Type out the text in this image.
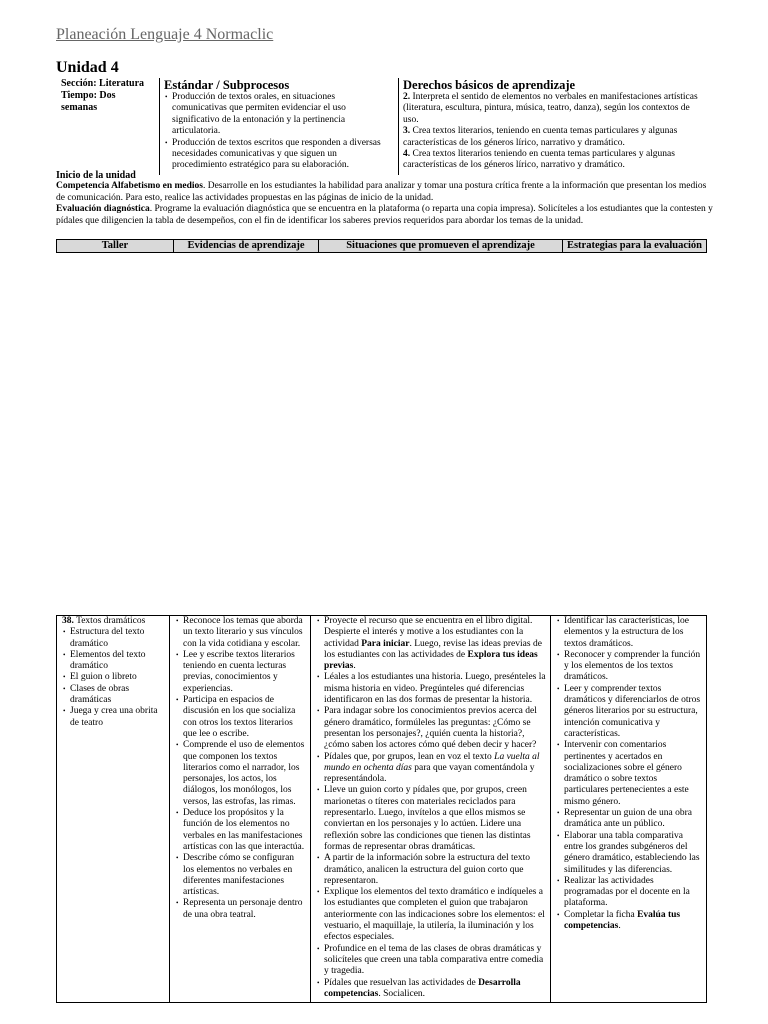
Planeación Lenguaje 4 Normaclic
Unidad 4
Sección: Literatura
Tiempo: Dos
semanas
Estándar / Subprocesos
• Producción de textos orales, en situaciones comunicativas que permiten evidenciar el uso significativo de la entonación y la pertinencia articulatoria.
• Producción de textos escritos que responden a diversas necesidades comunicativas y que siguen un procedimiento estratégico para su elaboración.
Derechos básicos de aprendizaje
2. Interpreta el sentido de elementos no verbales en manifestaciones artísticas (literatura, escultura, pintura, música, teatro, danza), según los contextos de uso.
3. Crea textos literarios, teniendo en cuenta temas particulares y algunas características de los géneros lírico, narrativo y dramático.
4. Crea textos literarios teniendo en cuenta temas particulares y algunas características de los géneros lírico, narrativo y dramático.
Inicio de la unidad
Competencia Alfabetismo en medios. Desarrolle en los estudiantes la habilidad para analizar y tomar una postura crítica frente a la información que presentan los medios de comunicación. Para esto, realice las actividades propuestas en las páginas de inicio de la unidad.
Evaluación diagnóstica. Programe la evaluación diagnóstica que se encuentra en la plataforma (o reparta una copia impresa). Solicíteles a los estudiantes que la contesten y pídales que diligencien la tabla de desempeños, con el fin de identificar los saberes previos requeridos para abordar los temas de la unidad.
Taller	Evidencias de aprendizaje	Situaciones que promueven el aprendizaje	Estrategias para la evaluación
38. Textos dramáticos
• Estructura del texto dramático
• Elementos del texto dramático
• El guion o libreto
• Clases de obras dramáticas
• Juega y crea una obrita de teatro

• Reconoce los temas que aborda un texto literario y sus vínculos con la vida cotidiana y escolar.
• Lee y escribe textos literarios teniendo en cuenta lecturas previas, conocimientos y experiencias.
• Participa en espacios de discusión en los que socializa con otros los textos literarios que lee o escribe.
• Comprende el uso de elementos que componen los textos literarios como el narrador, los personajes, los actos, los diálogos, los monólogos, los versos, las estrofas, las rimas.
• Deduce los propósitos y la función de los elementos no verbales en las manifestaciones artísticas con las que interactúa.
• Describe cómo se configuran los elementos no verbales en diferentes manifestaciones artísticas.
• Representa un personaje dentro de una obra teatral.

• Proyecte el recurso que se encuentra en el libro digital. Despierte el interés y motive a los estudiantes con la actividad Para iniciar. Luego, revise las ideas previas de los estudiantes con las actividades de Explora tus ideas previas.
• Léales a los estudiantes una historia. Luego, presénteles la misma historia en video. Pregúnteles qué diferencias identificaron en las dos formas de presentar la historia.
• Para indagar sobre los conocimientos previos acerca del género dramático, formúleles las preguntas: ¿Cómo se presentan los personajes?, ¿quién cuenta la historia?, ¿cómo saben los actores cómo qué deben decir y hacer?
• Pídales que, por grupos, lean en voz el texto La vuelta al mundo en ochenta días para que vayan comentándola y representándola.
• Lleve un guion corto y pídales que, por grupos, creen marionetas o títeres con materiales reciclados para representarlo. Luego, invítelos a que ellos mismos se conviertan en los personajes y lo actúen. Lidere una reflexión sobre las condiciones que tienen las distintas formas de representar obras dramáticas.
• A partir de la información sobre la estructura del texto dramático, analicen la estructura del guion corto que representaron.
• Explique los elementos del texto dramático e indíqueles a los estudiantes que completen el guion que trabajaron anteriormente con las indicaciones sobre los elementos: el vestuario, el maquillaje, la utilería, la iluminación y los efectos especiales.
• Profundice en el tema de las clases de obras dramáticas y solicíteles que creen una tabla comparativa entre comedia y tragedia.
• Pídales que resuelvan las actividades de Desarrolla competencias. Socialicen.

• Identificar las características, loe elementos y la estructura de los textos dramáticos.
• Reconocer y comprender la función y los elementos de los textos dramáticos.
• Leer y comprender textos dramáticos y diferenciarlos de otros géneros literarios por su estructura, intención comunicativa y características.
• Intervenir con comentarios pertinentes y acertados en socializaciones sobre el género dramático o sobre textos particulares pertenecientes a este mismo género.
• Representar un guion de una obra dramática ante un público.
• Elaborar una tabla comparativa entre los grandes subgéneros del género dramático, estableciendo las similitudes y las diferencias.
• Realizar las actividades programadas por el docente en la plataforma.
• Completar la ficha Evalúa tus competencias.
